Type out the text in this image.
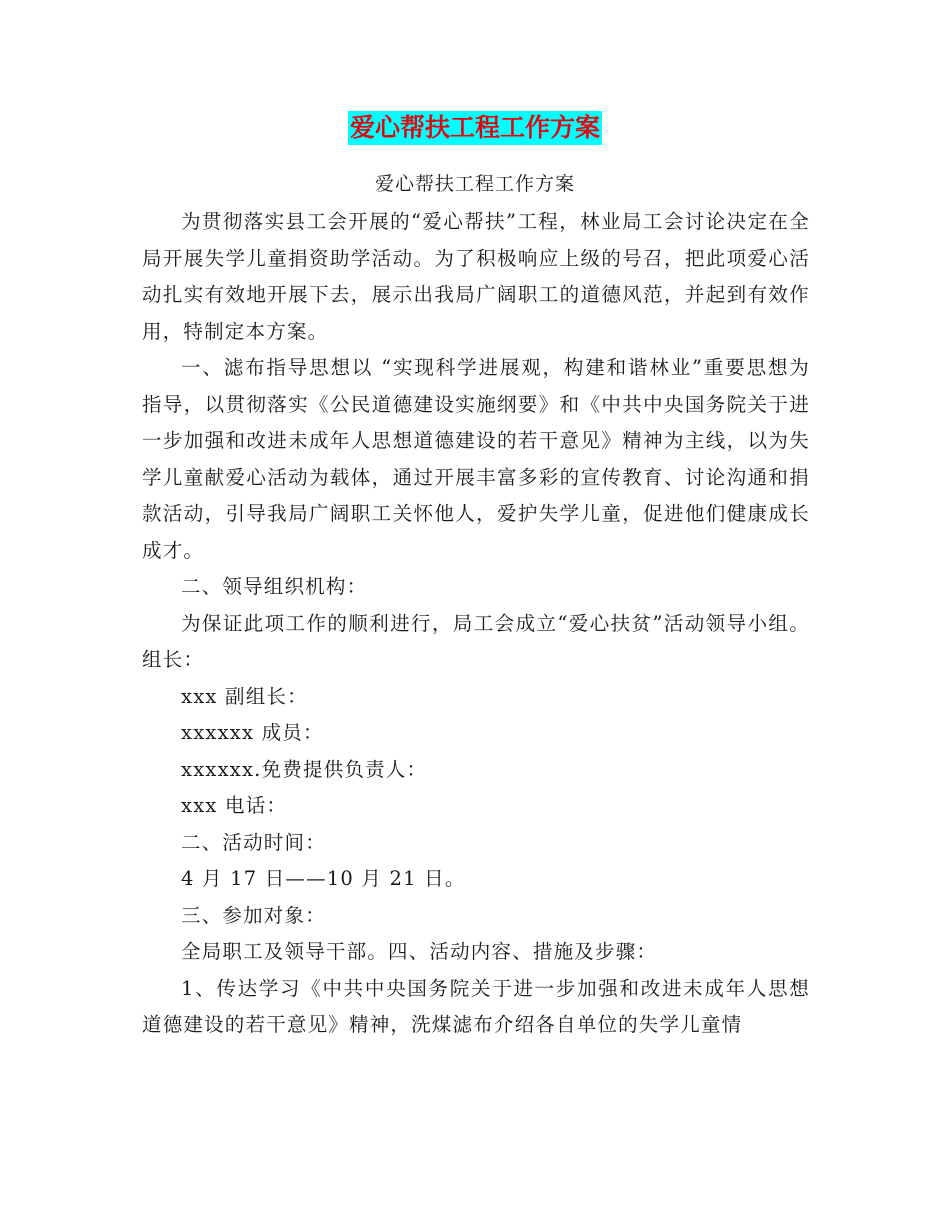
爱心帮扶工程工作方案
爱心帮扶工程工作方案

为贯彻落实县工会开展的“爱心帮扶”工程，林业局工会讨论决定在全局开展失学儿童捐资助学活动。为了积极响应上级的号召，把此项爱心活动扎实有效地开展下去，展示出我局广阔职工的道德风范，并起到有效作用，特制定本方案。

一、滤布指导思想以 “实现科学进展观，构建和谐林业”重要思想为指导，以贯彻落实《公民道德建设实施纲要》和《中共中央国务院关于进一步加强和改进未成年人思想道德建设的若干意见》精神为主线，以为失学儿童献爱心活动为载体，通过开展丰富多彩的宣传教育、讨论沟通和捐款活动，引导我局广阔职工关怀他人，爱护失学儿童，促进他们健康成长成才。

二、领导组织机构：

为保证此项工作的顺利进行，局工会成立“爱心扶贫”活动领导小组。组长：

xxx 副组长：

xxxxxx 成员：

xxxxxx.免费提供负责人：

xxx 电话：

二、活动时间：

4 月 17 日——10 月 21 日。

三、参加对象：

全局职工及领导干部。四、活动内容、措施及步骤：

1、传达学习《中共中央国务院关于进一步加强和改进未成年人思想道德建设的若干意见》精神，洗煤滤布介绍各自单位的失学儿童情
